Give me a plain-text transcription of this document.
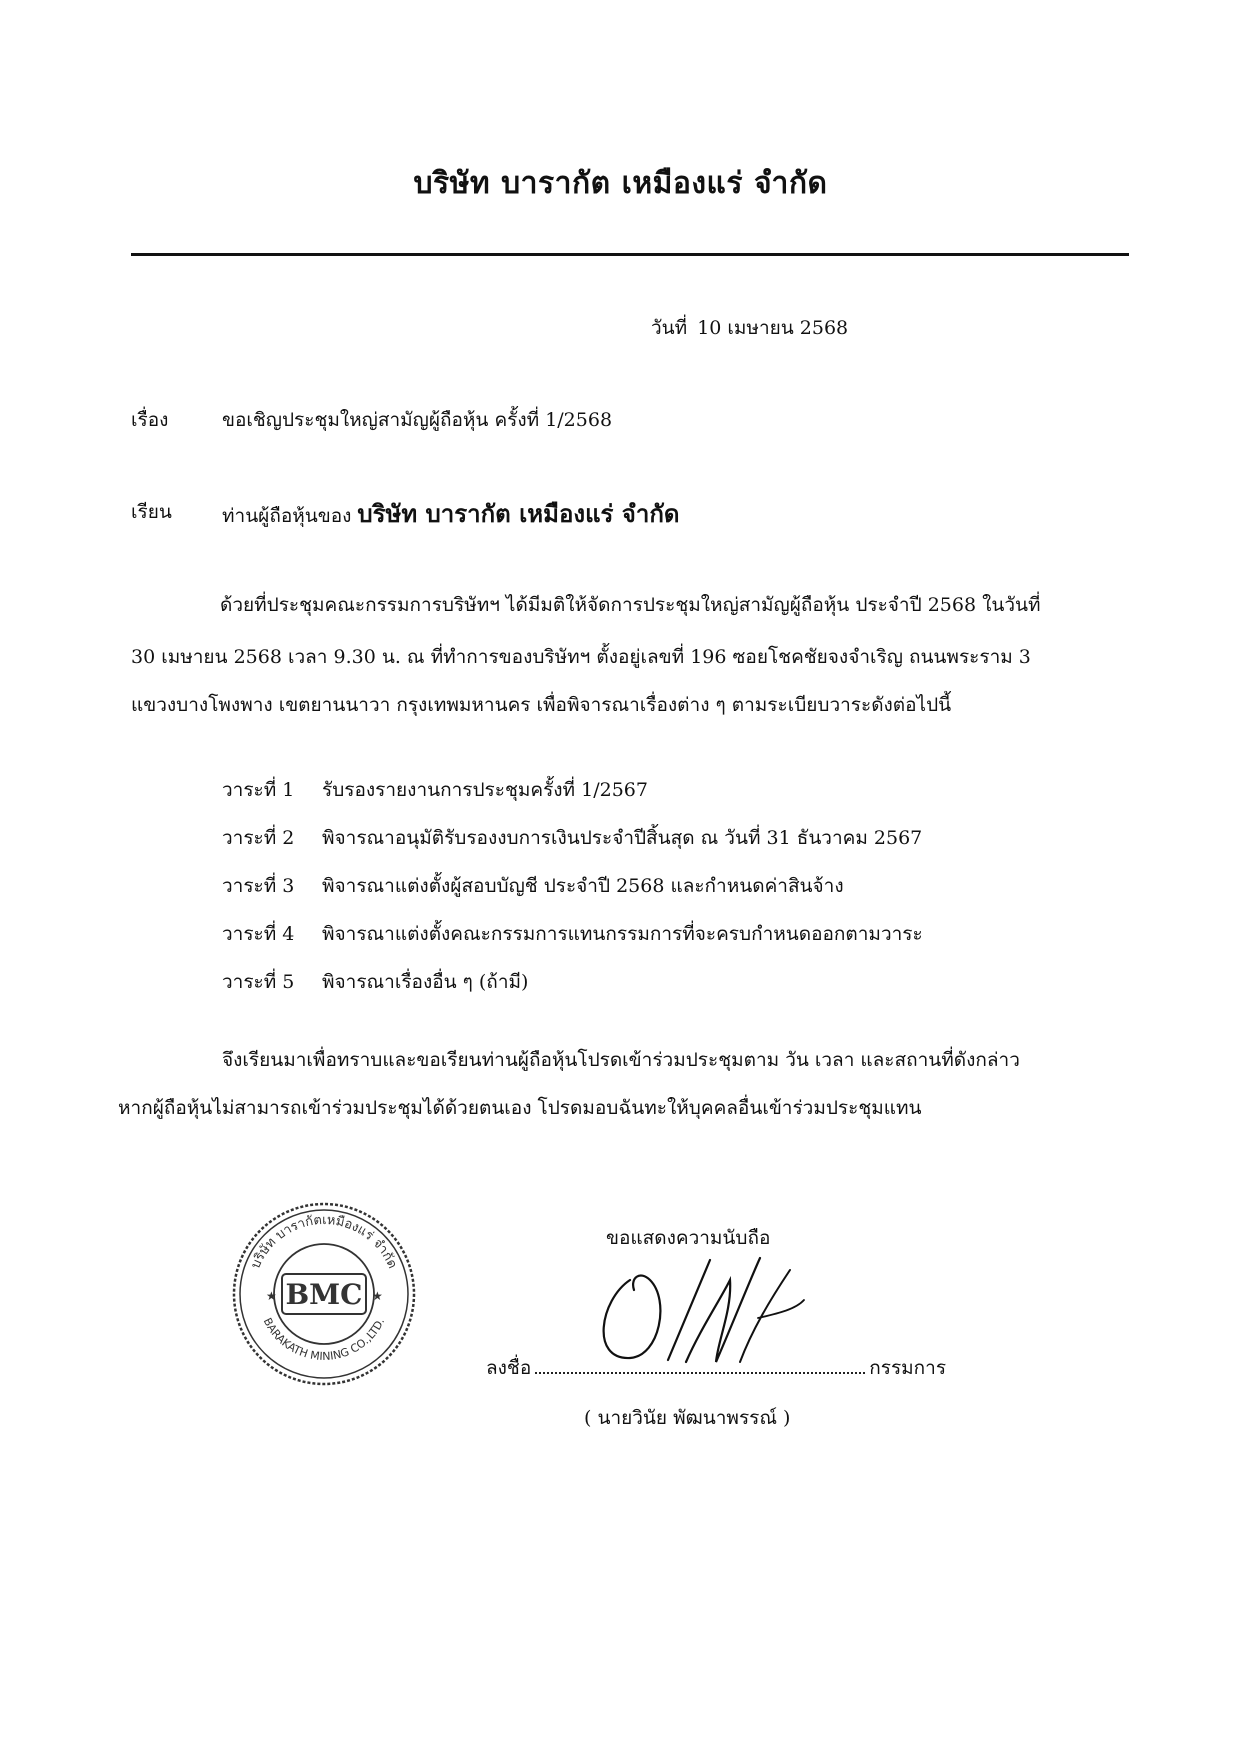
บริษัท บารากัต เหมืองแร่ จำกัด
วันที่ 10 เมษายน 2568
เรื่อง	ขอเชิญประชุมใหญ่สามัญผู้ถือหุ้น ครั้งที่ 1/2568
เรียน	ท่านผู้ถือหุ้นของ บริษัท บารากัต เหมืองแร่ จำกัด
ด้วยที่ประชุมคณะกรรมการบริษัทฯ ได้มีมติให้จัดการประชุมใหญ่สามัญผู้ถือหุ้น ประจำปี 2568 ในวันที่
30 เมษายน 2568 เวลา 9.30 น. ณ ที่ทำการของบริษัทฯ ตั้งอยู่เลขที่ 196 ซอยโชคชัยจงจำเริญ ถนนพระราม 3
แขวงบางโพงพาง เขตยานนาวา กรุงเทพมหานคร เพื่อพิจารณาเรื่องต่าง ๆ ตามระเบียบวาระดังต่อไปนี้
วาระที่ 1 รับรองรายงานการประชุมครั้งที่ 1/2567
วาระที่ 2 พิจารณาอนุมัติรับรองงบการเงินประจำปีสิ้นสุด ณ วันที่ 31 ธันวาคม 2567
วาระที่ 3 พิจารณาแต่งตั้งผู้สอบบัญชี ประจำปี 2568 และกำหนดค่าสินจ้าง
วาระที่ 4 พิจารณาแต่งตั้งคณะกรรมการแทนกรรมการที่จะครบกำหนดออกตามวาระ
วาระที่ 5 พิจารณาเรื่องอื่น ๆ (ถ้ามี)
จึงเรียนมาเพื่อทราบและขอเรียนท่านผู้ถือหุ้นโปรดเข้าร่วมประชุมตาม วัน เวลา และสถานที่ดังกล่าว
หากผู้ถือหุ้นไม่สามารถเข้าร่วมประชุมได้ด้วยตนเอง โปรดมอบฉันทะให้บุคคลอื่นเข้าร่วมประชุมแทน
บริษัท บารากัตเหมืองแร่ จำกัด
BARAKATH MINING CO.,LTD.
BMC
★	★
ขอแสดงความนับถือ
ลงชื่อ	กรรมการ
( นายวินัย พัฒนาพรรณ์ )
